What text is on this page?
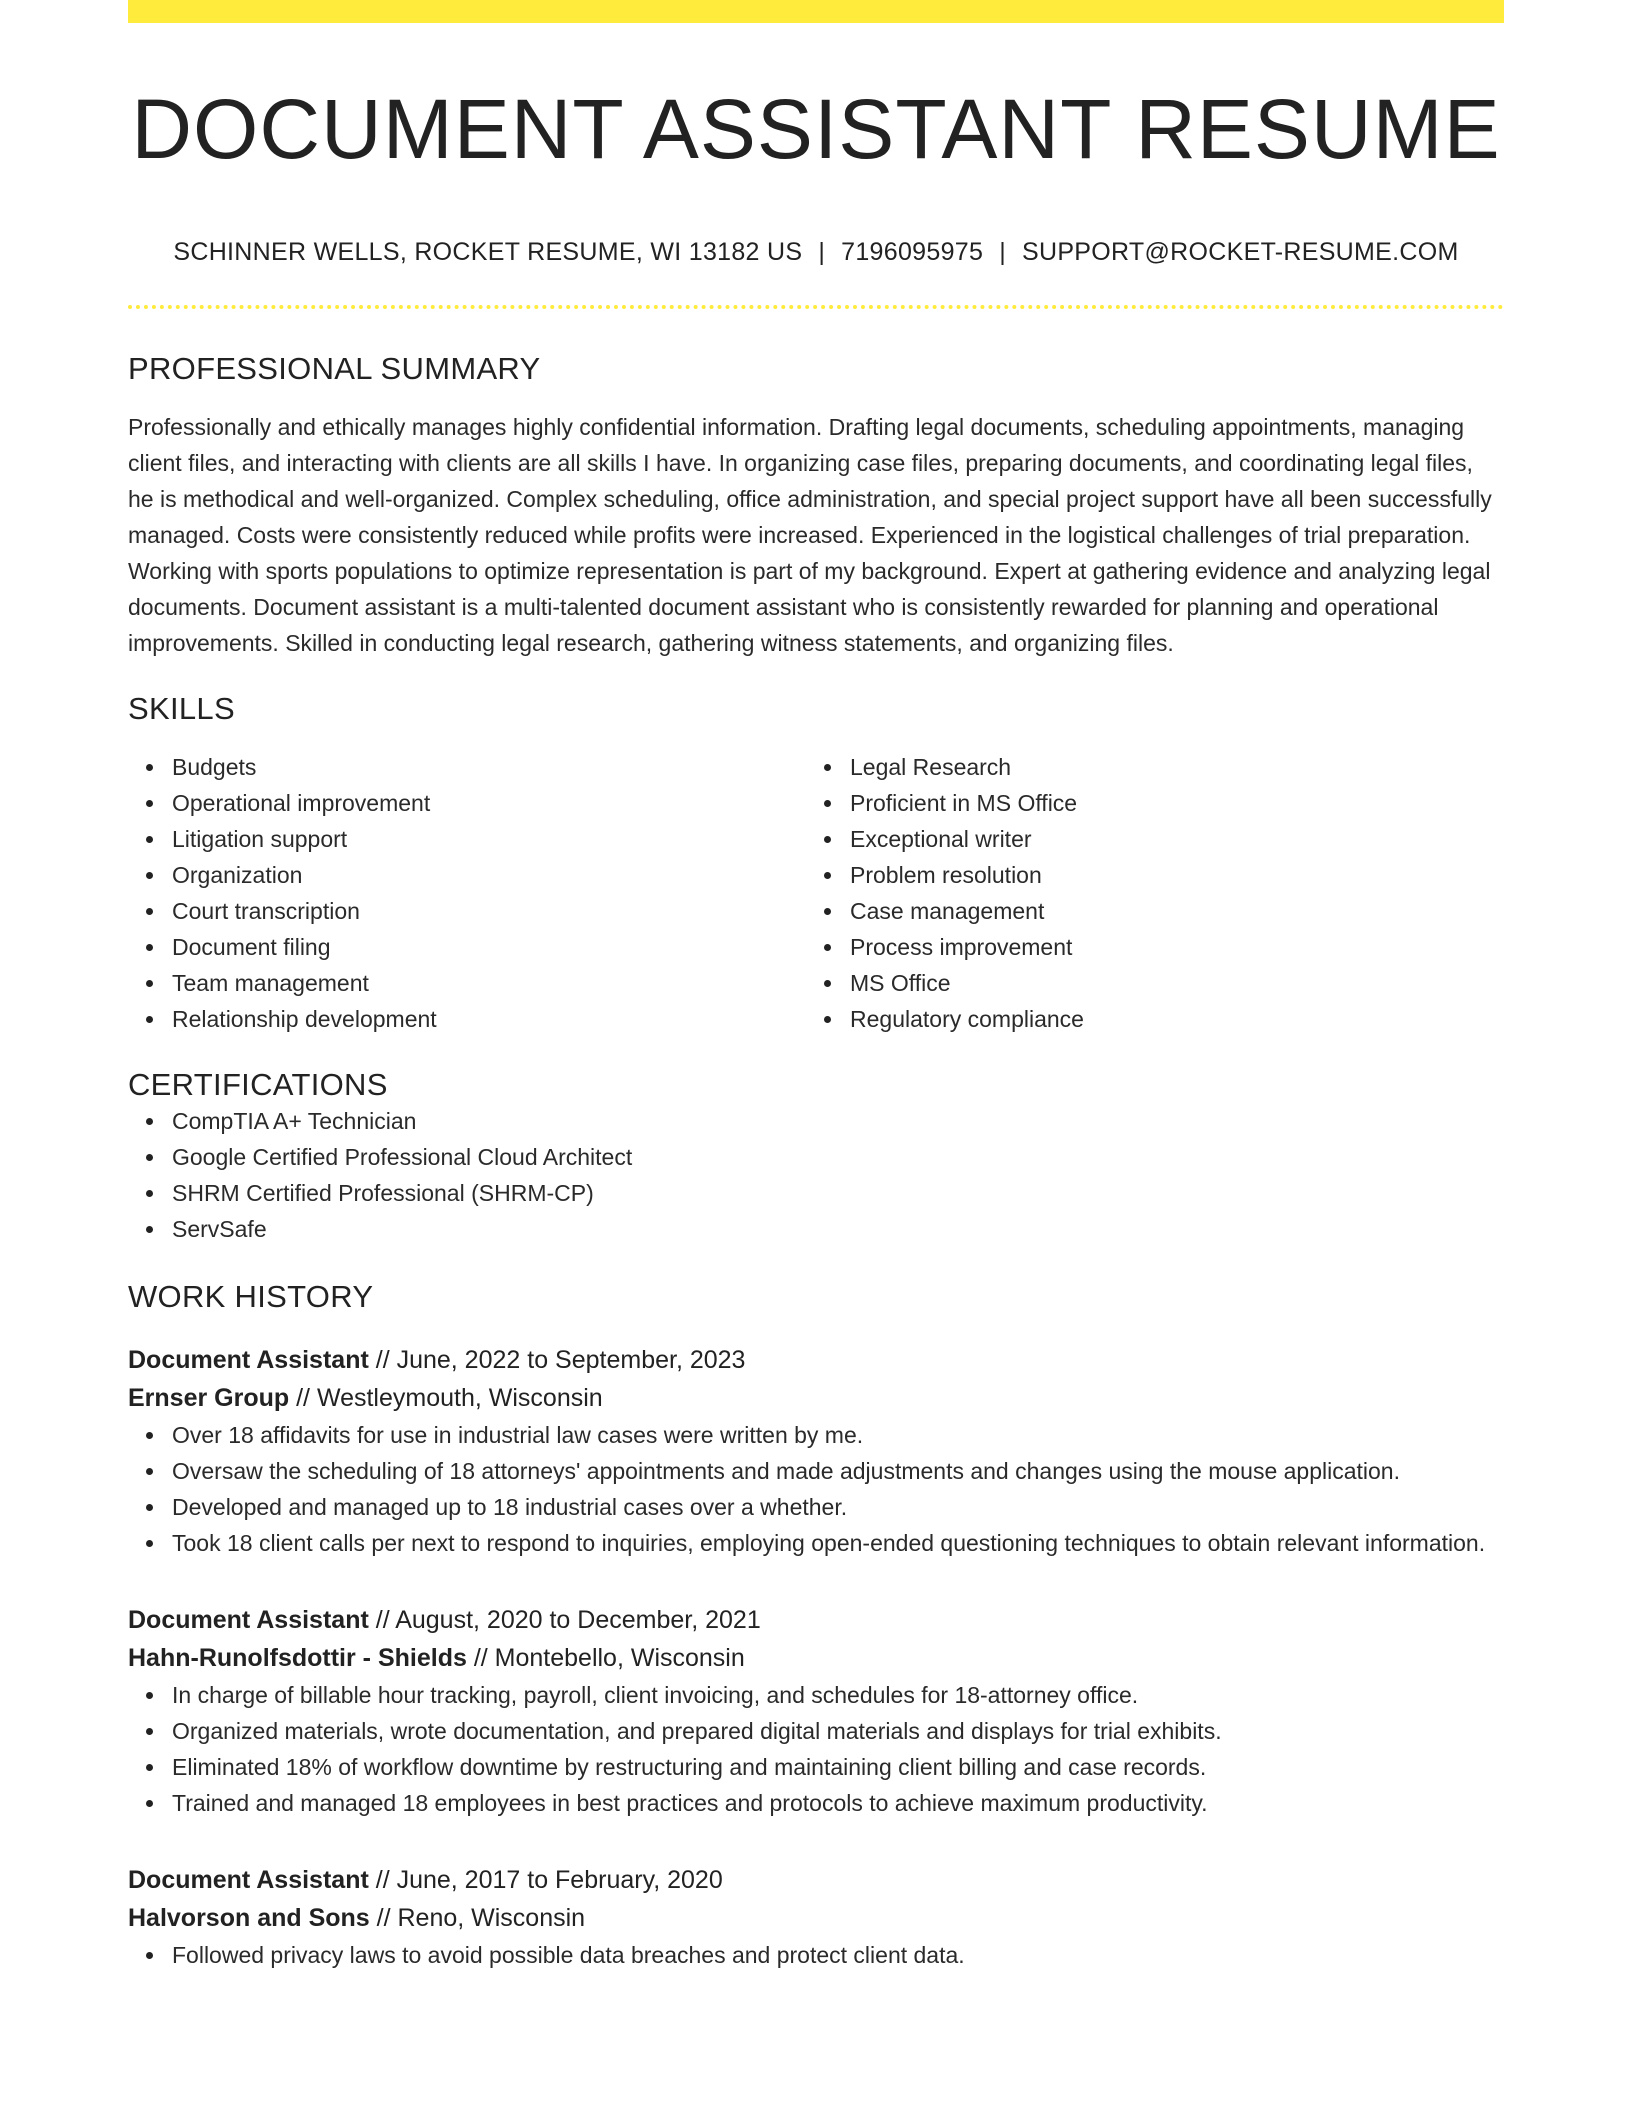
DOCUMENT ASSISTANT RESUME
SCHINNER WELLS, ROCKET RESUME, WI 13182 US | 7196095975 | SUPPORT@ROCKET-RESUME.COM
PROFESSIONAL SUMMARY

Professionally and ethically manages highly confidential information. Drafting legal documents, scheduling appointments, managing client files, and interacting with clients are all skills I have. In organizing case files, preparing documents, and coordinating legal files, he is methodical and well-organized. Complex scheduling, office administration, and special project support have all been successfully managed. Costs were consistently reduced while profits were increased. Experienced in the logistical challenges of trial preparation. Working with sports populations to optimize representation is part of my background. Expert at gathering evidence and analyzing legal documents. Document assistant is a multi-talented document assistant who is consistently rewarded for planning and operational improvements. Skilled in conducting legal research, gathering witness statements, and organizing files.

SKILLS
Budgets
Operational improvement
Litigation support
Organization
Court transcription
Document filing
Team management
Relationship development
Legal Research
Proficient in MS Office
Exceptional writer
Problem resolution
Case management
Process improvement
MS Office
Regulatory compliance
CERTIFICATIONS
CompTIA A+ Technician
Google Certified Professional Cloud Architect
SHRM Certified Professional (SHRM-CP)
ServSafe
WORK HISTORY
Document Assistant // June, 2022 to September, 2023
Ernser Group // Westleymouth, Wisconsin
Over 18 affidavits for use in industrial law cases were written by me.
Oversaw the scheduling of 18 attorneys' appointments and made adjustments and changes using the mouse application.
Developed and managed up to 18 industrial cases over a whether.
Took 18 client calls per next to respond to inquiries, employing open-ended questioning techniques to obtain relevant information.
Document Assistant // August, 2020 to December, 2021
Hahn-Runolfsdottir - Shields // Montebello, Wisconsin
In charge of billable hour tracking, payroll, client invoicing, and schedules for 18-attorney office.
Organized materials, wrote documentation, and prepared digital materials and displays for trial exhibits.
Eliminated 18% of workflow downtime by restructuring and maintaining client billing and case records.
Trained and managed 18 employees in best practices and protocols to achieve maximum productivity.
Document Assistant // June, 2017 to February, 2020
Halvorson and Sons // Reno, Wisconsin
Followed privacy laws to avoid possible data breaches and protect client data.
